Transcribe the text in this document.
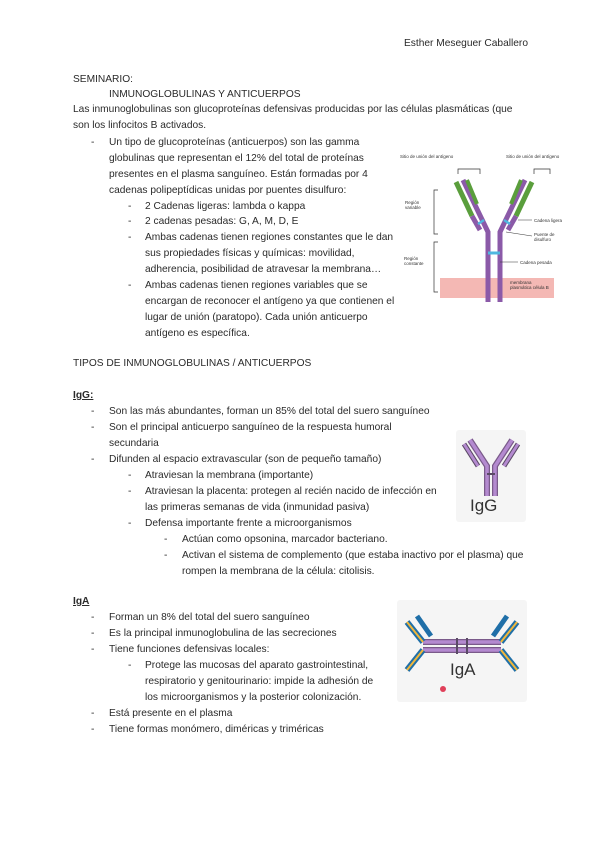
Esther Meseguer Caballero
SEMINARIO:
INMUNOGLOBULINAS Y ANTICUERPOS
Las inmunoglobulinas son glucoproteínas defensivas producidas por las células plasmáticas (que
son los linfocitos B activados.
- Un tipo de glucoproteínas (anticuerpos) son las gamma
globulinas que representan el 12% del total de proteínas
presentes en el plasma sanguíneo. Están formadas por 4
cadenas polipeptídicas unidas por puentes disulfuro:
- 2 Cadenas ligeras: lambda o kappa
- 2 cadenas pesadas: G, A, M, D, E
- Ambas cadenas tienen regiones constantes que le dan
sus propiedades físicas y químicas: movilidad,
adherencia, posibilidad de atravesar la membrana…
- Ambas cadenas tienen regiones variables que se
encargan de reconocer el antígeno ya que contienen el
lugar de unión (paratopo). Cada unión anticuerpo
antígeno es específica.
Sitio de unión del antígeno	Sitio de unión del antígeno
Región variable
Región constante
Cadena ligera
Puente de disulfuro
Cadena pesada
membrana plasmática célula B
TIPOS DE INMUNOGLOBULINAS / ANTICUERPOS
IgG:
- Son las más abundantes, forman un 85% del total del suero sanguíneo
- Son el principal anticuerpo sanguíneo de la respuesta humoral
secundaria
- Difunden al espacio extravascular (son de pequeño tamaño)
- Atraviesan la membrana (importante)
- Atraviesan la placenta: protegen al recién nacido de infección en
las primeras semanas de vida (inmunidad pasiva)
- Defensa importante frente a microorganismos
- Actúan como opsonina, marcador bacteriano.
- Activan el sistema de complemento (que estaba inactivo por el plasma) que
rompen la membrana de la célula: citolisis.
IgG
IgA
- Forman un 8% del total del suero sanguíneo
- Es la principal inmunoglobulina de las secreciones
- Tiene funciones defensivas locales:
- Protege las mucosas del aparato gastrointestinal,
respiratorio y genitourinario: impide la adhesión de
los microorganismos y la posterior colonización.
- Está presente en el plasma
- Tiene formas monómero, diméricas y triméricas
IgA
